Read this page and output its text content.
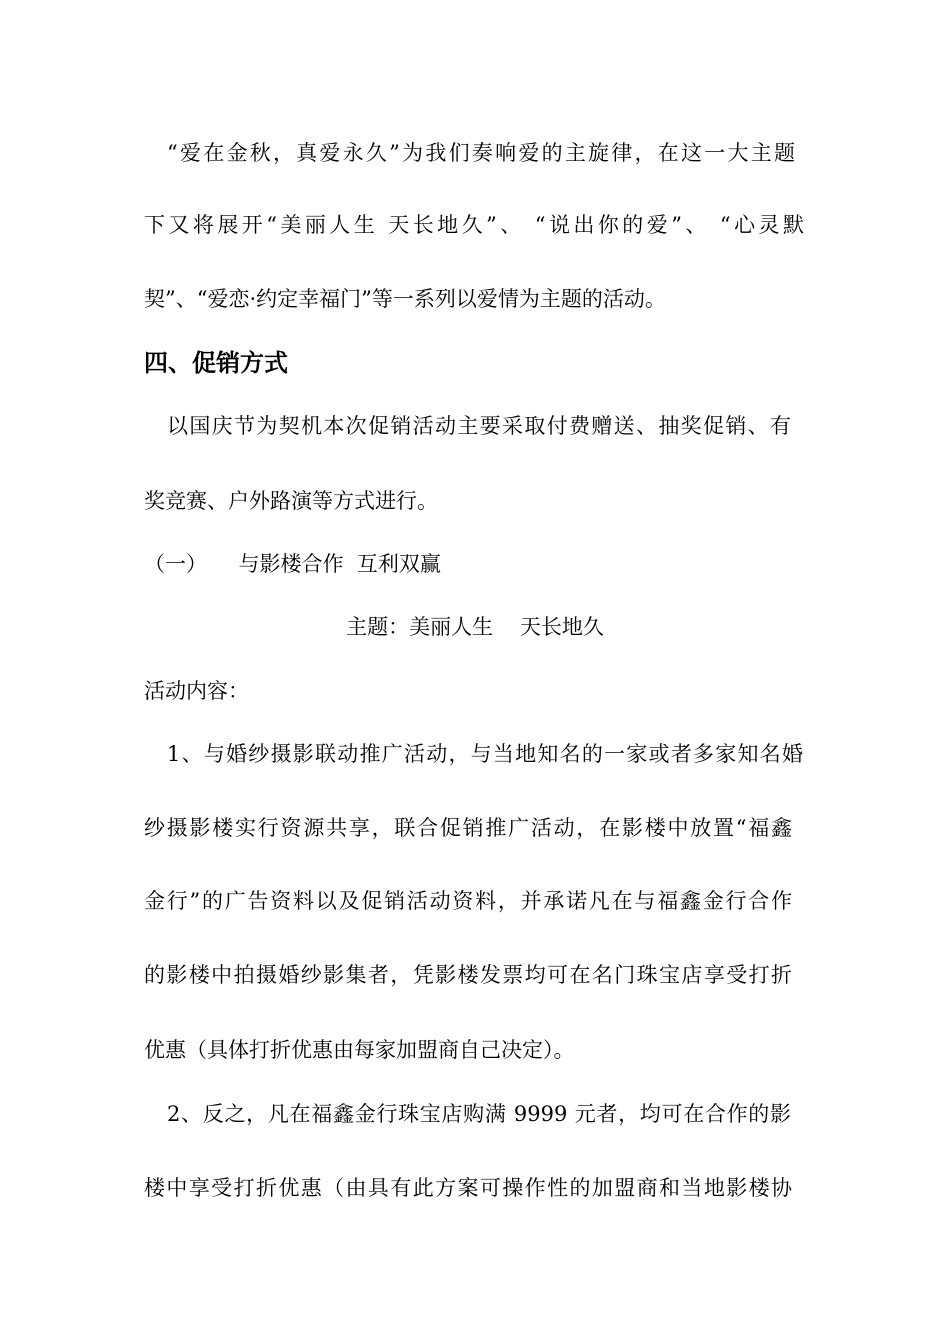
“爱在金秋，真爱永久”为我们奏响爱的主旋律，在这一大主题
下又将展开“美丽人生 天长地久”、 “说出你的爱”、 “心灵默
契”、“爱恋·约定幸福门”等一系列以爱情为主题的活动。
四、促销方式
以国庆节为契机本次促销活动主要采取付费赠送、抽奖促销、有
奖竞赛、户外路演等方式进行。
（一）　　与影楼合作  互利双赢
主题：美丽人生    天长地久
活动内容：
1、与婚纱摄影联动推广活动，与当地知名的一家或者多家知名婚
纱摄影楼实行资源共享，联合促销推广活动，在影楼中放置“福鑫
金行”的广告资料以及促销活动资料，并承诺凡在与福鑫金行合作
的影楼中拍摄婚纱影集者，凭影楼发票均可在名门珠宝店享受打折
优惠（具体打折优惠由每家加盟商自己决定）。
2、反之，凡在福鑫金行珠宝店购满 9999 元者，均可在合作的影
楼中享受打折优惠（由具有此方案可操作性的加盟商和当地影楼协
